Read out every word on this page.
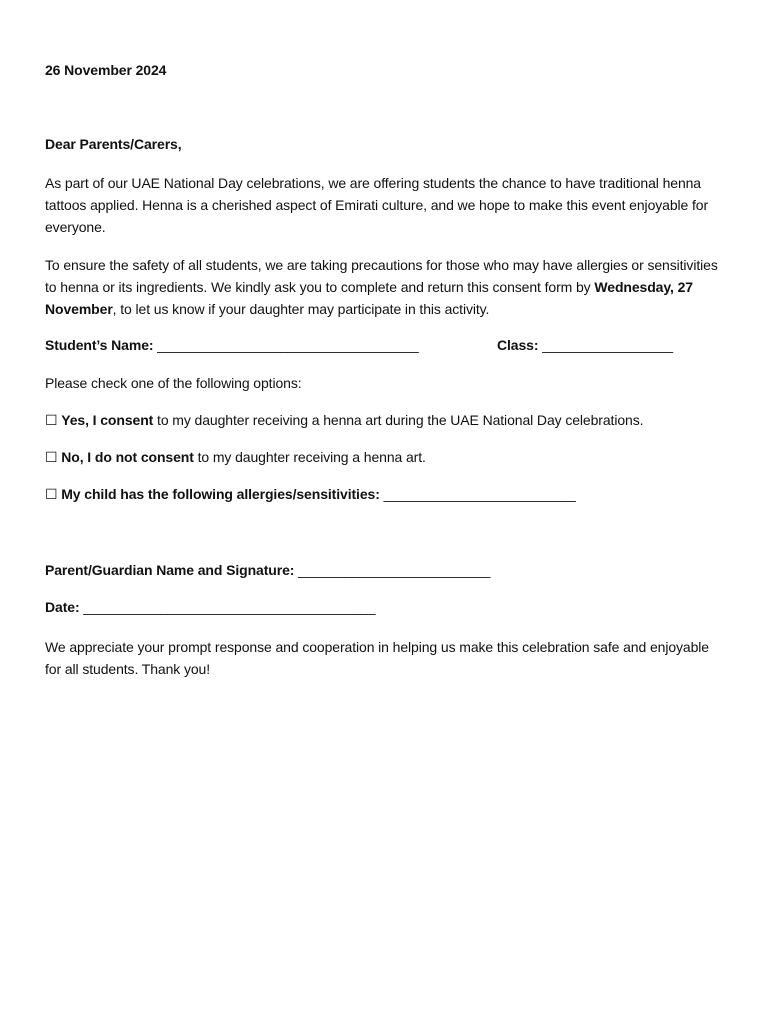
26 November 2024
Dear Parents/Carers,
As part of our UAE National Day celebrations, we are offering students the chance to have traditional henna tattoos applied. Henna is a cherished aspect of Emirati culture, and we hope to make this event enjoyable for everyone.
To ensure the safety of all students, we are taking precautions for those who may have allergies or sensitivities to henna or its ingredients. We kindly ask you to complete and return this consent form by Wednesday, 27 November, to let us know if your daughter may participate in this activity.
Student’s Name: __________________________________	Class: _________________
Please check one of the following options:
☐ Yes, I consent to my daughter receiving a henna art during the UAE National Day celebrations.
☐ No, I do not consent to my daughter receiving a henna art.
☐ My child has the following allergies/sensitivities: _________________________
Parent/Guardian Name and Signature: _________________________
Date: ______________________________________
We appreciate your prompt response and cooperation in helping us make this celebration safe and enjoyable for all students. Thank you!
